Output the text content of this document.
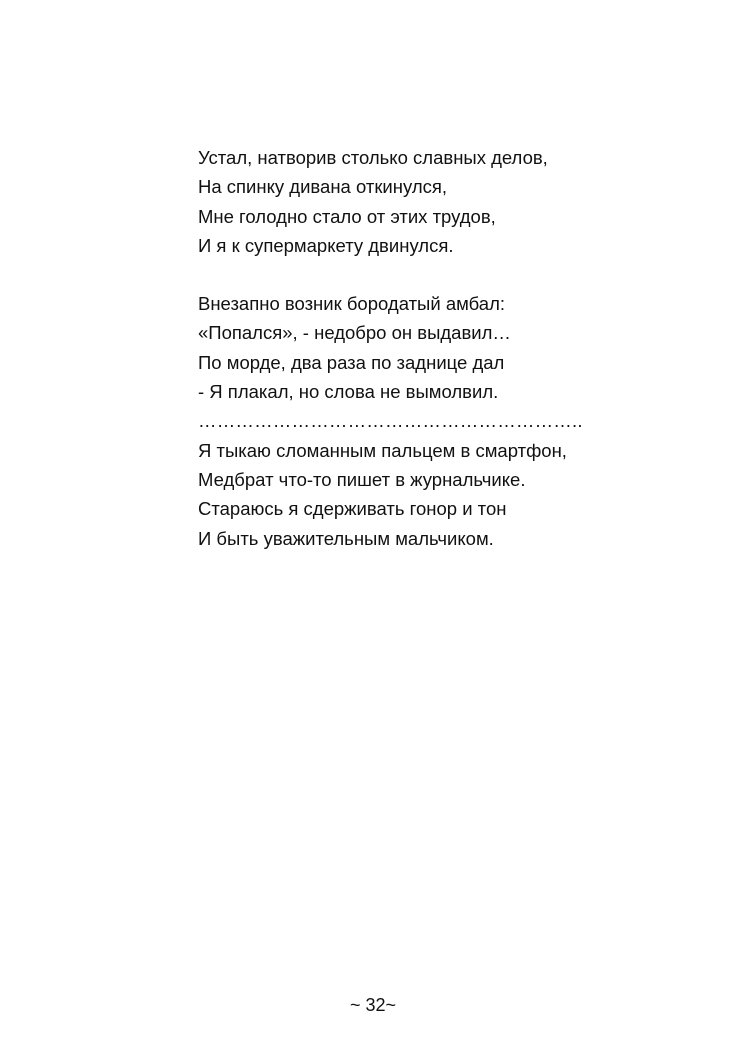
Устал, натворив столько славных делов,
На спинку дивана откинулся,
Мне голодно стало от этих трудов,
И я к супермаркету двинулся.
Внезапно возник бородатый амбал:
«Попался», - недобро он выдавил…
По морде, два раза по заднице дал
- Я плакал, но слова не вымолвил.
……………………………………………………..
Я тыкаю сломанным пальцем в смартфон,
Медбрат что-то пишет в журнальчике.
Стараюсь я сдерживать гонор и тон
И быть уважительным мальчиком.
~ 32~
